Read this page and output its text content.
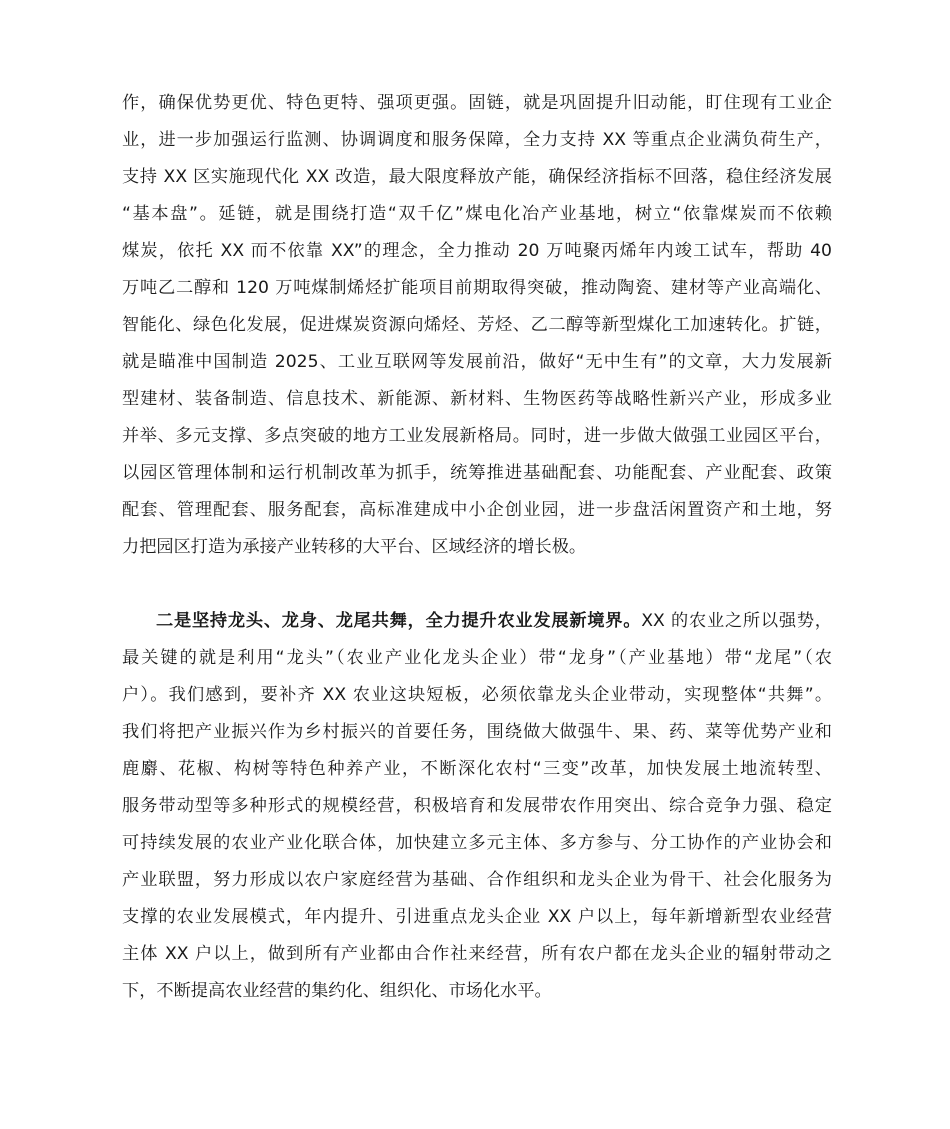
作，确保优势更优、特色更特、强项更强。固链，就是巩固提升旧动能，盯住现有工业企
业，进一步加强运行监测、协调调度和服务保障，全力支持 XX 等重点企业满负荷生产，
支持 XX 区实施现代化 XX 改造，最大限度释放产能，确保经济指标不回落，稳住经济发展
“基本盘”。延链，就是围绕打造“双千亿”煤电化冶产业基地，树立“依靠煤炭而不依赖
煤炭，依托 XX 而不依靠 XX”的理念，全力推动 20 万吨聚丙烯年内竣工试车，帮助 40
万吨乙二醇和 120 万吨煤制烯烃扩能项目前期取得突破，推动陶瓷、建材等产业高端化、
智能化、绿色化发展，促进煤炭资源向烯烃、芳烃、乙二醇等新型煤化工加速转化。扩链，
就是瞄准中国制造 2025、工业互联网等发展前沿，做好“无中生有”的文章，大力发展新
型建材、装备制造、信息技术、新能源、新材料、生物医药等战略性新兴产业，形成多业
并举、多元支撑、多点突破的地方工业发展新格局。同时，进一步做大做强工业园区平台，
以园区管理体制和运行机制改革为抓手，统筹推进基础配套、功能配套、产业配套、政策
配套、管理配套、服务配套，高标准建成中小企创业园，进一步盘活闲置资产和土地，努
力把园区打造为承接产业转移的大平台、区域经济的增长极。
二是坚持龙头、龙身、龙尾共舞，全力提升农业发展新境界。XX 的农业之所以强势，
最关键的就是利用“龙头”（农业产业化龙头企业）带“龙身”（产业基地）带“龙尾”（农
户）。我们感到，要补齐 XX 农业这块短板，必须依靠龙头企业带动，实现整体“共舞”。
我们将把产业振兴作为乡村振兴的首要任务，围绕做大做强牛、果、药、菜等优势产业和
鹿麝、花椒、构树等特色种养产业，不断深化农村“三变”改革，加快发展土地流转型、
服务带动型等多种形式的规模经营，积极培育和发展带农作用突出、综合竞争力强、稳定
可持续发展的农业产业化联合体，加快建立多元主体、多方参与、分工协作的产业协会和
产业联盟，努力形成以农户家庭经营为基础、合作组织和龙头企业为骨干、社会化服务为
支撑的农业发展模式，年内提升、引进重点龙头企业 XX 户以上，每年新增新型农业经营
主体 XX 户以上，做到所有产业都由合作社来经营，所有农户都在龙头企业的辐射带动之
下，不断提高农业经营的集约化、组织化、市场化水平。
